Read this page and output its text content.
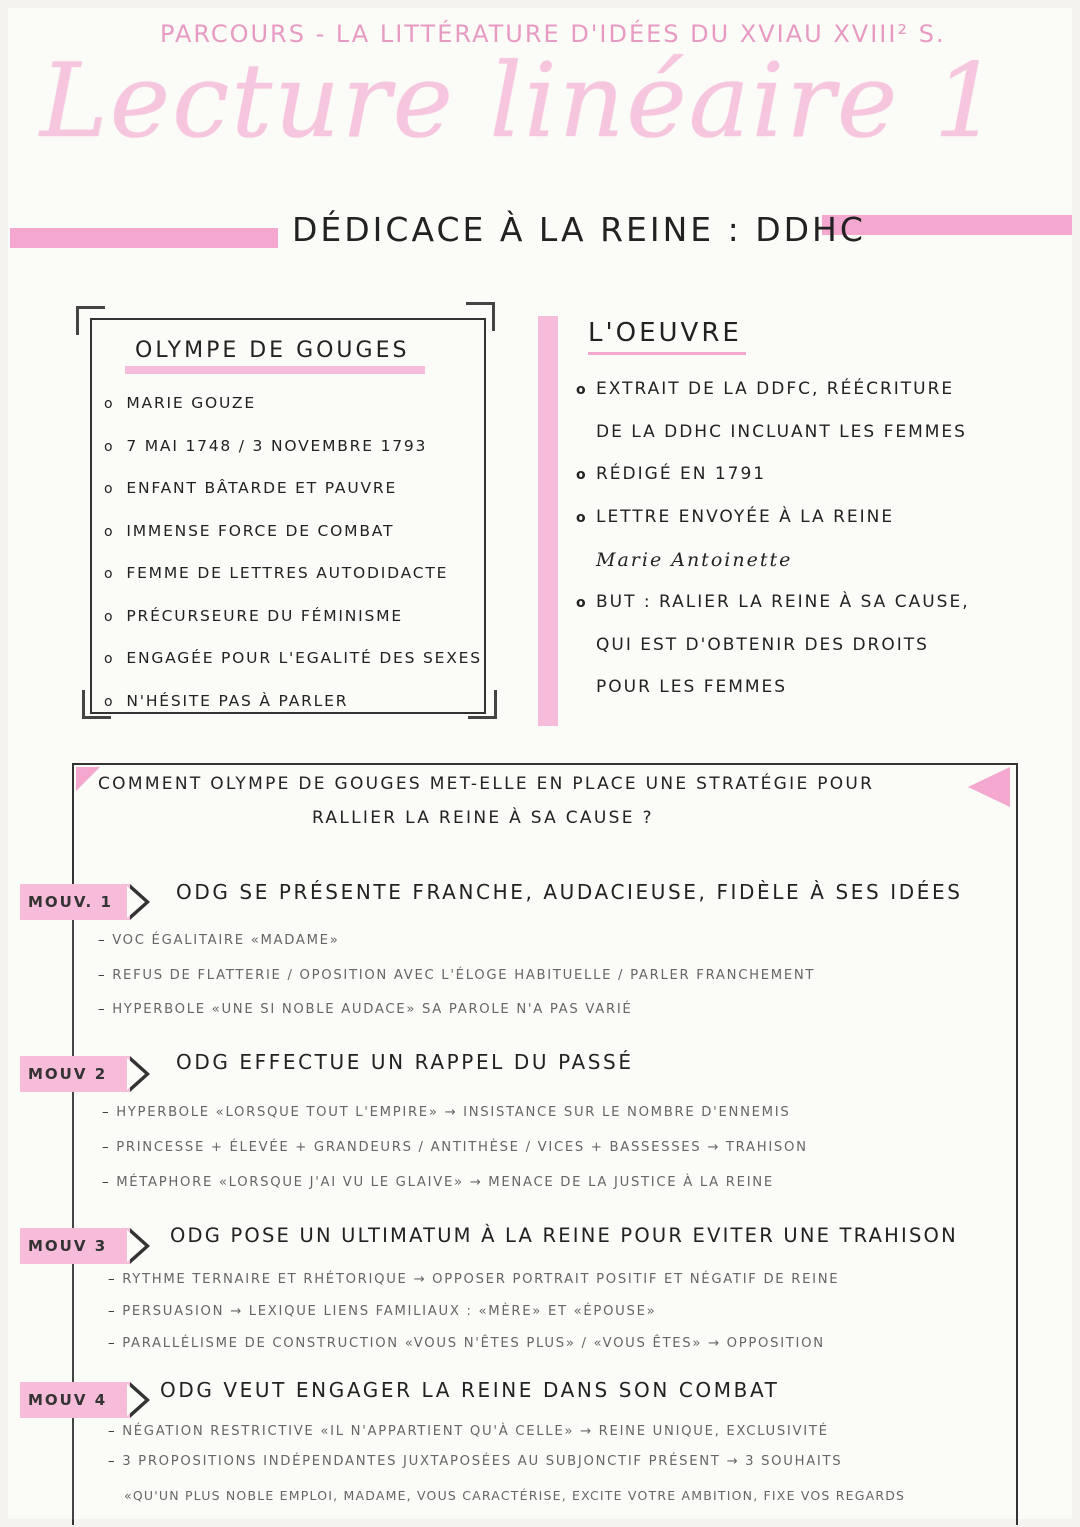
PARCOURS - LA LITTÉRATURE D'IDÉES DU XVIAU XVIII² S.
Lecture linéaire 1
DÉDICACE À LA REINE : DDHC
OLYMPE DE GOUGES
o MARIE GOUZE
o 7 MAI 1748 / 3 NOVEMBRE 1793
o ENFANT BÂTARDE ET PAUVRE
o IMMENSE FORCE DE COMBAT
o FEMME DE LETTRES AUTODIDACTE
o PRÉCURSEURE DU FÉMINISME
o ENGAGÉE POUR L'EGALITÉ DES SEXES
o N'HÉSITE PAS À PARLER
L'OEUVRE
o EXTRAIT DE LA DDFC, RÉÉCRITURE
DE LA DDHC INCLUANT LES FEMMES
o RÉDIGÉ EN 1791
o LETTRE ENVOYÉE À LA REINE
Marie Antoinette
o BUT : RALIER LA REINE À SA CAUSE,
QUI EST D'OBTENIR DES DROITS
POUR LES FEMMES
COMMENT OLYMPE DE GOUGES MET-ELLE EN PLACE UNE STRATÉGIE POUR
RALLIER LA REINE À SA CAUSE ?
MOUV. 1	ODG SE PRÉSENTE FRANCHE, AUDACIEUSE, FIDÈLE À SES IDÉES
– VOC ÉGALITAIRE «MADAME»
– REFUS DE FLATTERIE / OPOSITION AVEC L'ÉLOGE HABITUELLE / PARLER FRANCHEMENT
– HYPERBOLE «UNE SI NOBLE AUDACE» SA PAROLE N'A PAS VARIÉ
MOUV 2	ODG EFFECTUE UN RAPPEL DU PASSÉ
– HYPERBOLE «LORSQUE TOUT L'EMPIRE» → INSISTANCE SUR LE NOMBRE D'ENNEMIS
– PRINCESSE + ÉLEVÉE + GRANDEURS / ANTITHÈSE / VICES + BASSESSES → TRAHISON
– MÉTAPHORE «LORSQUE J'AI VU LE GLAIVE» → MENACE DE LA JUSTICE À LA REINE
MOUV 3	ODG POSE UN ULTIMATUM À LA REINE POUR EVITER UNE TRAHISON
– RYTHME TERNAIRE ET RHÉTORIQUE → OPPOSER PORTRAIT POSITIF ET NÉGATIF DE REINE
– PERSUASION → LEXIQUE LIENS FAMILIAUX : «MÈRE» ET «ÉPOUSE»
– PARALLÉLISME DE CONSTRUCTION «VOUS N'ÊTES PLUS» / «VOUS ÊTES» → OPPOSITION
MOUV 4	ODG VEUT ENGAGER LA REINE DANS SON COMBAT
– NÉGATION RESTRICTIVE «IL N'APPARTIENT QU'À CELLE» → REINE UNIQUE, EXCLUSIVITÉ
– 3 PROPOSITIONS INDÉPENDANTES JUXTAPOSÉES AU SUBJONCTIF PRÉSENT → 3 SOUHAITS
«QU'UN PLUS NOBLE EMPLOI, MADAME, VOUS CARACTÉRISE, EXCITE VOTRE AMBITION, FIXE VOS REGARDS
